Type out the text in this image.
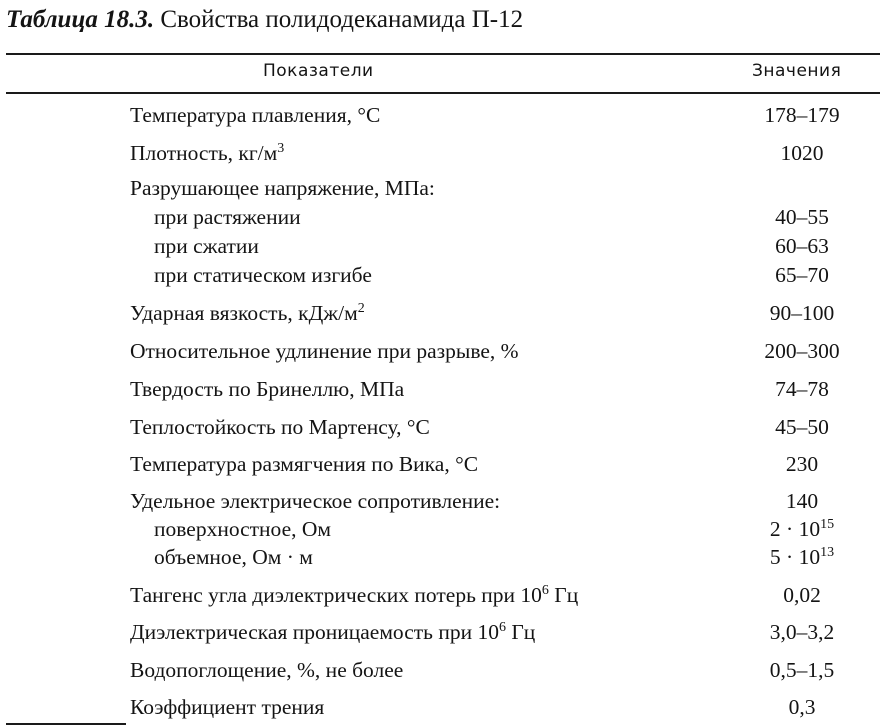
Таблица 18.3. Свойства полидодеканамида П-12
Показатели	Значения
Температура плавления, °С	178–179
Плотность, $кг/м^3$	1020
Разрушающее напряжение, МПа:
при растяжении	40–55
при сжатии	60–63
при статическом изгибе	65–70
Ударная вязкость, кДж/$м^2$	90–100
Относительное удлинение при разрыве, %	200–300
Твердость по Бринеллю, МПа	74–78
Теплостойкость по Мартенсу, °С	45–50
Температура размягчения по Вика, °С	230
Удельное электрическое сопротивление:	140
поверхностное, Ом	$2 \cdot 10^{15}$
объемное, Ом · м	$5 \cdot 10^{13}$
Тангенс угла диэлектрических потерь при $10^6$ Гц	0,02
Диэлектрическая проницаемость при $10^6$ Гц	3,0–3,2
Водопоглощение, %, не более	0,5–1,5
Коэффициент трения	0,3
